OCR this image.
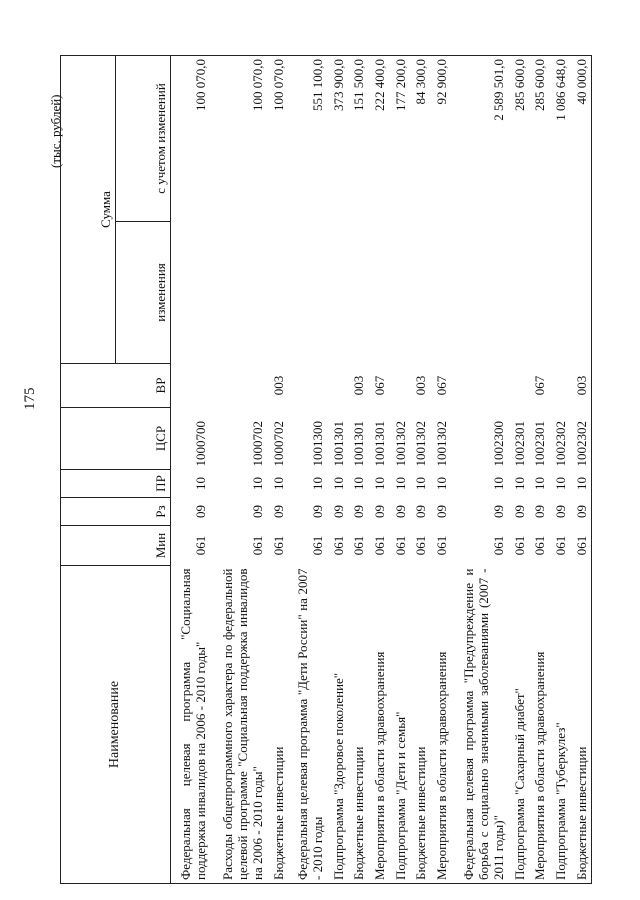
175
(тыс. рублей)
Наименование	Мин	Рз	ПР	ЦСР	ВР	Сумма	
						изменения	с учетом изменений
Федеральная целевая программа "Социальная поддержка инвалидов на 2006 - 2010 годы"	061	09	10	1000700			100 070,0
Расходы общепрограммного характера по федеральной целевой программе "Социальная поддержка инвалидов на 2006 - 2010 годы"	061	09	10	1000702			100 070,0
Бюджетные инвестиции	061	09	10	1000702	003		100 070,0
Федеральная целевая программа "Дети России" на 2007 - 2010 годы	061	09	10	1001300			551 100,0
Подпрограмма "Здоровое поколение"	061	09	10	1001301			373 900,0
Бюджетные инвестиции	061	09	10	1001301	003		151 500,0
Мероприятия в области здравоохранения	061	09	10	1001301	067		222 400,0
Подпрограмма "Дети и семья"	061	09	10	1001302			177 200,0
Бюджетные инвестиции	061	09	10	1001302	003		84 300,0
Мероприятия в области здравоохранения	061	09	10	1001302	067		92 900,0
Федеральная целевая программа "Предупреждение и борьба с социально значимыми заболеваниями (2007 - 2011 годы)"	061	09	10	1002300			2 589 501,0
Подпрограмма "Сахарный диабет"	061	09	10	1002301			285 600,0
Мероприятия в области здравоохранения	061	09	10	1002301	067		285 600,0
Подпрограмма "Туберкулез"	061	09	10	1002302			1 086 648,0
Бюджетные инвестиции	061	09	10	1002302	003		40 000,0
